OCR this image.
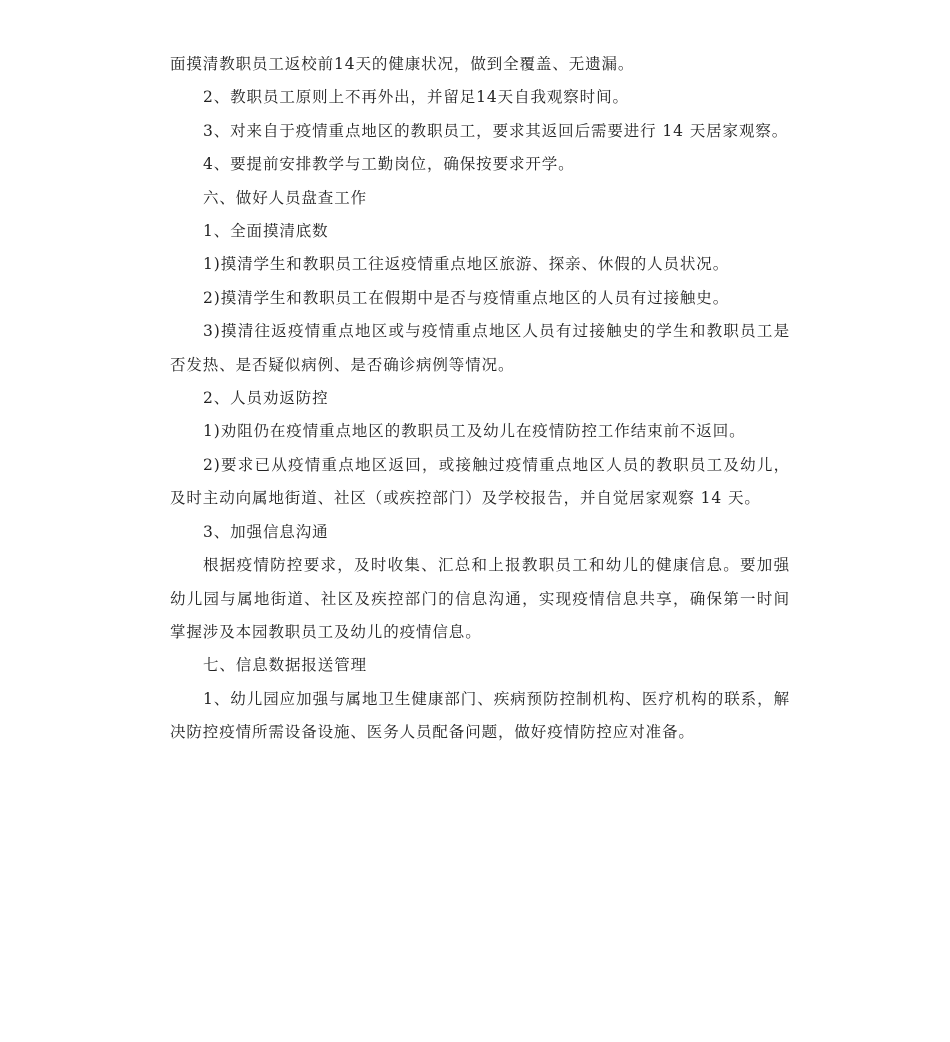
面摸清教职员工返校前14天的健康状况，做到全覆盖、无遗漏。

2、教职员工原则上不再外出，并留足14天自我观察时间。

3、对来自于疫情重点地区的教职员工，要求其返回后需要进行 14 天居家观察。

4、要提前安排教学与工勤岗位，确保按要求开学。

六、做好人员盘查工作

1、全面摸清底数

1)摸清学生和教职员工往返疫情重点地区旅游、探亲、休假的人员状况。

2)摸清学生和教职员工在假期中是否与疫情重点地区的人员有过接触史。

3)摸清往返疫情重点地区或与疫情重点地区人员有过接触史的学生和教职员工是否发热、是否疑似病例、是否确诊病例等情况。

2、人员劝返防控

1)劝阻仍在疫情重点地区的教职员工及幼儿在疫情防控工作结束前不返回。

2)要求已从疫情重点地区返回，或接触过疫情重点地区人员的教职员工及幼儿，及时主动向属地街道、社区（或疾控部门）及学校报告，并自觉居家观察 14 天。

3、加强信息沟通

根据疫情防控要求，及时收集、汇总和上报教职员工和幼儿的健康信息。要加强幼儿园与属地街道、社区及疾控部门的信息沟通，实现疫情信息共享，确保第一时间掌握涉及本园教职员工及幼儿的疫情信息。

七、信息数据报送管理

1、幼儿园应加强与属地卫生健康部门、疾病预防控制机构、医疗机构的联系，解决防控疫情所需设备设施、医务人员配备问题，做好疫情防控应对准备。
